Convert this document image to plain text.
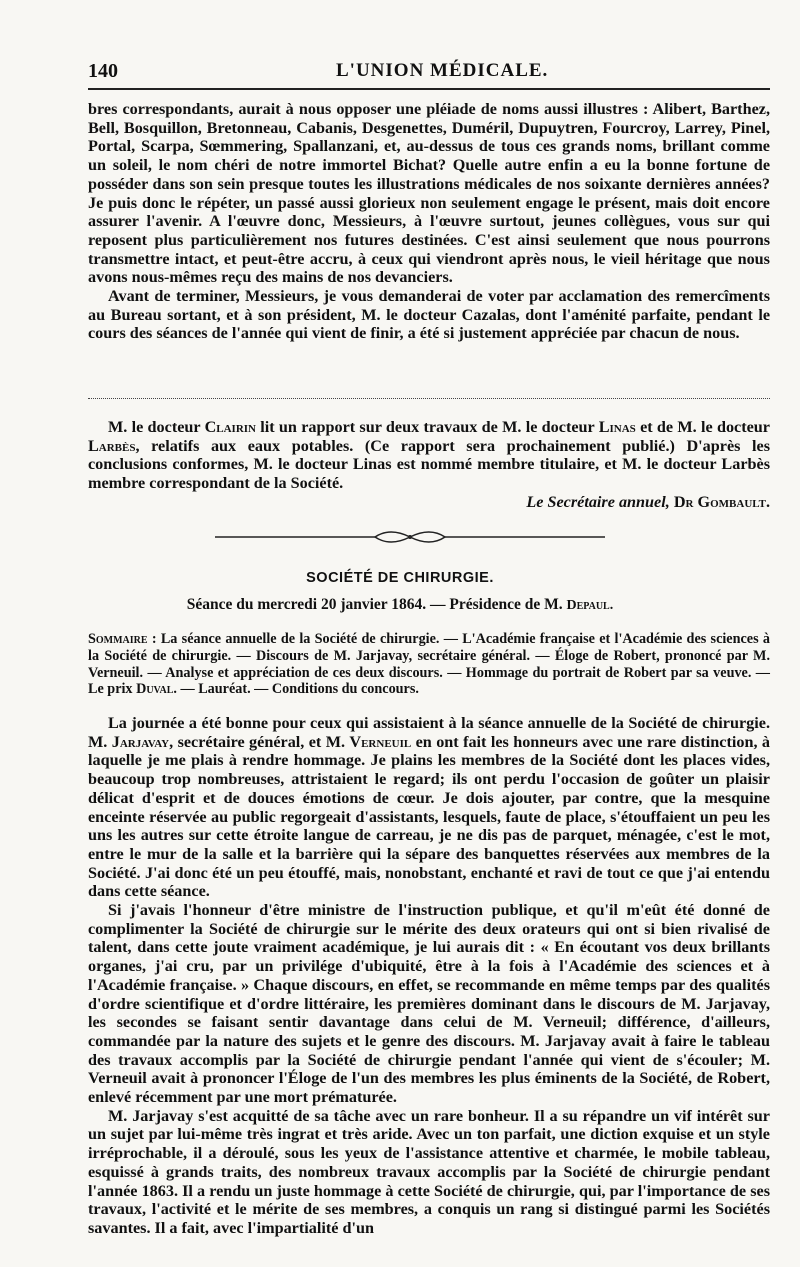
140	L'UNION MÉDICALE.

bres correspondants, aurait à nous opposer une pléiade de noms aussi illustres : Alibert, Barthez, Bell, Bosquillon, Bretonneau, Cabanis, Desgenettes, Duméril, Dupuytren, Fourcroy, Larrey, Pinel, Portal, Scarpa, Sœmmering, Spallanzani, et, au-dessus de tous ces grands noms, brillant comme un soleil, le nom chéri de notre immortel Bichat? Quelle autre enfin a eu la bonne fortune de posséder dans son sein presque toutes les illustrations médicales de nos soixante dernières années? Je puis donc le répéter, un passé aussi glorieux non seulement engage le présent, mais doit encore assurer l'avenir. A l'œuvre donc, Messieurs, à l'œuvre surtout, jeunes collègues, vous sur qui reposent plus particulièrement nos futures destinées. C'est ainsi seulement que nous pourrons transmettre intact, et peut-être accru, à ceux qui viendront après nous, le vieil héritage que nous avons nous-mêmes reçu des mains de nos devanciers.

Avant de terminer, Messieurs, je vous demanderai de voter par acclamation des remercîments au Bureau sortant, et à son président, M. le docteur Cazalas, dont l'aménité parfaite, pendant le cours des séances de l'année qui vient de finir, a été si justement appréciée par chacun de nous.

M. le docteur Clairin lit un rapport sur deux travaux de M. le docteur Linas et de M. le docteur Larbès, relatifs aux eaux potables. (Ce rapport sera prochainement publié.) D'après les conclusions conformes, M. le docteur Linas est nommé membre titulaire, et M. le docteur Larbès membre correspondant de la Société.

Le Secrétaire annuel, Dr Gombault.
SOCIÉTÉ DE CHIRURGIE.
Séance du mercredi 20 janvier 1864. — Présidence de M. Depaul.
Sommaire : La séance annuelle de la Société de chirurgie. — L'Académie française et l'Académie des sciences à la Société de chirurgie. — Discours de M. Jarjavay, secrétaire général. — Éloge de Robert, prononcé par M. Verneuil. — Analyse et appréciation de ces deux discours. — Hommage du portrait de Robert par sa veuve. — Le prix Duval. — Lauréat. — Conditions du concours.

La journée a été bonne pour ceux qui assistaient à la séance annuelle de la Société de chirurgie. M. Jarjavay, secrétaire général, et M. Verneuil en ont fait les honneurs avec une rare distinction, à laquelle je me plais à rendre hommage. Je plains les membres de la Société dont les places vides, beaucoup trop nombreuses, attristaient le regard; ils ont perdu l'occasion de goûter un plaisir délicat d'esprit et de douces émotions de cœur. Je dois ajouter, par contre, que la mesquine enceinte réservée au public regorgeait d'assistants, lesquels, faute de place, s'étouffaient un peu les uns les autres sur cette étroite langue de carreau, je ne dis pas de parquet, ménagée, c'est le mot, entre le mur de la salle et la barrière qui la sépare des banquettes réservées aux membres de la Société. J'ai donc été un peu étouffé, mais, nonobstant, enchanté et ravi de tout ce que j'ai entendu dans cette séance.

Si j'avais l'honneur d'être ministre de l'instruction publique, et qu'il m'eût été donné de complimenter la Société de chirurgie sur le mérite des deux orateurs qui ont si bien rivalisé de talent, dans cette joute vraiment académique, je lui aurais dit : « En écoutant vos deux brillants organes, j'ai cru, par un privilége d'ubiquité, être à la fois à l'Académie des sciences et à l'Académie française. » Chaque discours, en effet, se recommande en même temps par des qualités d'ordre scientifique et d'ordre littéraire, les premières dominant dans le discours de M. Jarjavay, les secondes se faisant sentir davantage dans celui de M. Verneuil; différence, d'ailleurs, commandée par la nature des sujets et le genre des discours. M. Jarjavay avait à faire le tableau des travaux accomplis par la Société de chirurgie pendant l'année qui vient de s'écouler; M. Verneuil avait à prononcer l'Éloge de l'un des membres les plus éminents de la Société, de Robert, enlevé récemment par une mort prématurée.

M. Jarjavay s'est acquitté de sa tâche avec un rare bonheur. Il a su répandre un vif intérêt sur un sujet par lui-même très ingrat et très aride. Avec un ton parfait, une diction exquise et un style irréprochable, il a déroulé, sous les yeux de l'assistance attentive et charmée, le mobile tableau, esquissé à grands traits, des nombreux travaux accomplis par la Société de chirurgie pendant l'année 1863. Il a rendu un juste hommage à cette Société de chirurgie, qui, par l'importance de ses travaux, l'activité et le mérite de ses membres, a conquis un rang si distingué parmi les Sociétés savantes. Il a fait, avec l'impartialité d'un
